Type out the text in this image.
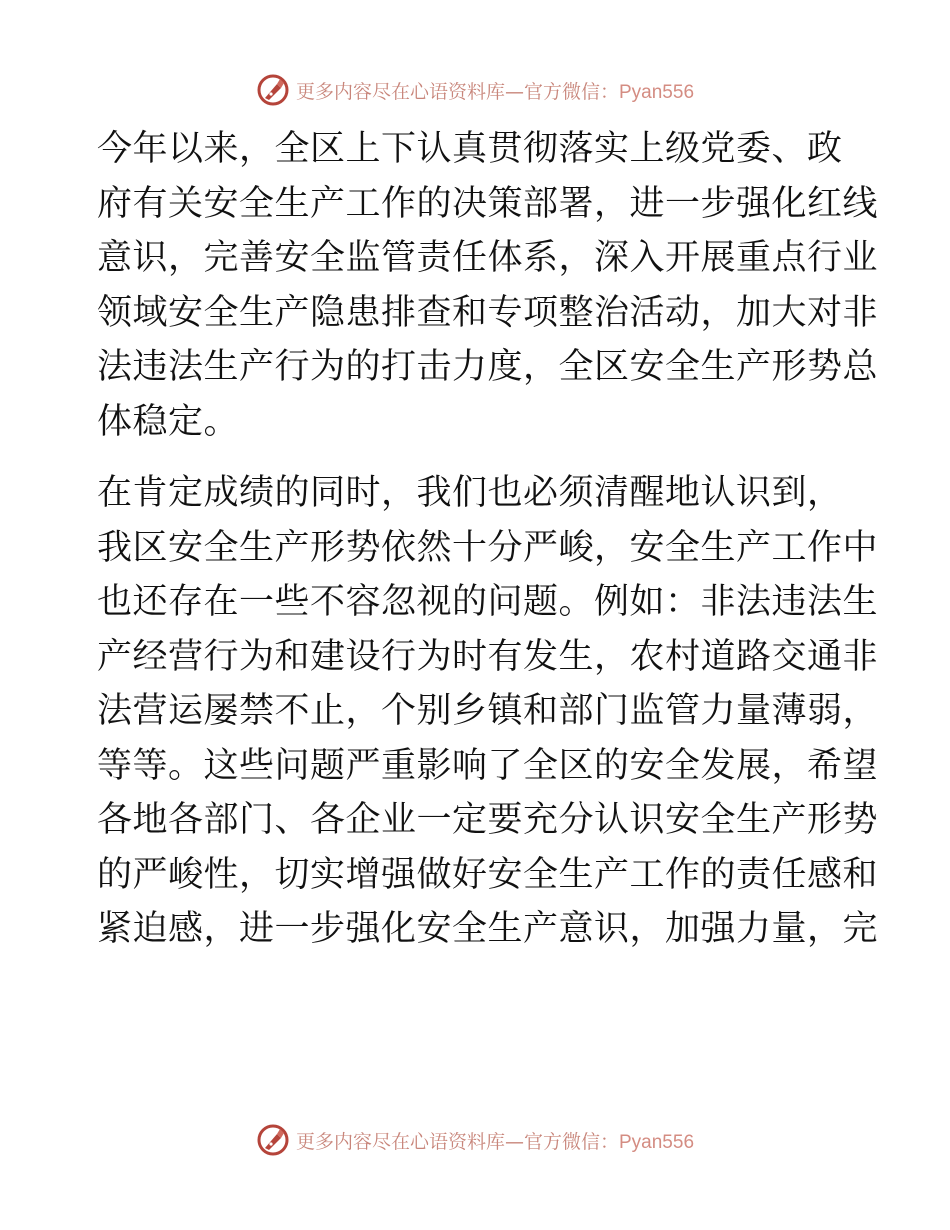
更多内容尽在心语资料库—官方微信：Pyan556

今年以来，全区上下认真贯彻落实上级党委、政
府有关安全生产工作的决策部署，进一步强化红线
意识，完善安全监管责任体系，深入开展重点行业
领域安全生产隐患排查和专项整治活动，加大对非
法违法生产行为的打击力度，全区安全生产形势总
体稳定。

在肯定成绩的同时，我们也必须清醒地认识到，
我区安全生产形势依然十分严峻，安全生产工作中
也还存在一些不容忽视的问题。例如：非法违法生
产经营行为和建设行为时有发生，农村道路交通非
法营运屡禁不止，个别乡镇和部门监管力量薄弱，
等等。这些问题严重影响了全区的安全发展，希望
各地各部门、各企业一定要充分认识安全生产形势
的严峻性，切实增强做好安全生产工作的责任感和
紧迫感，进一步强化安全生产意识，加强力量，完

更多内容尽在心语资料库—官方微信：Pyan556
